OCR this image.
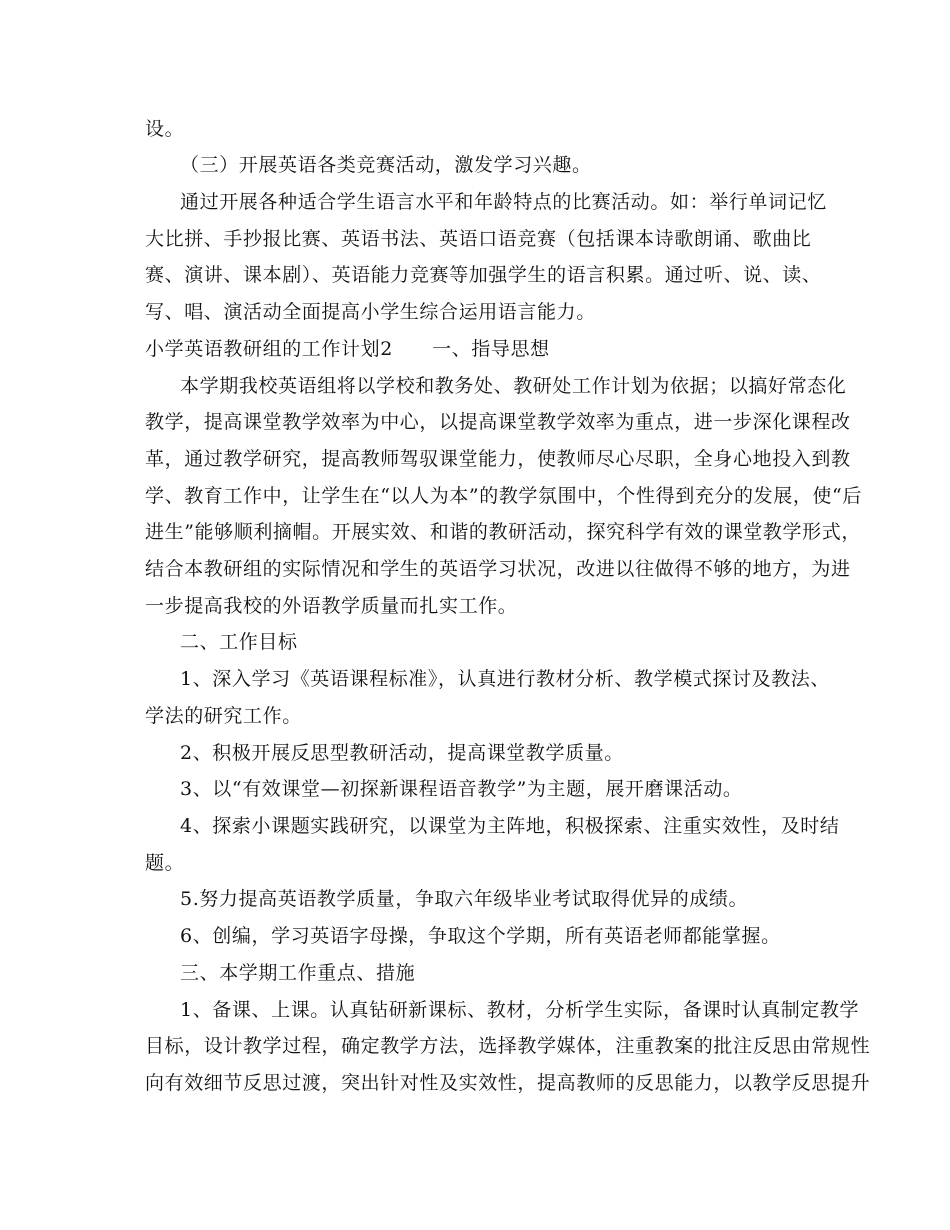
设。
（三）开展英语各类竞赛活动，激发学习兴趣。
通过开展各种适合学生语言水平和年龄特点的比赛活动。如：举行单词记忆
大比拼、手抄报比赛、英语书法、英语口语竞赛（包括课本诗歌朗诵、歌曲比
赛、演讲、课本剧）、英语能力竞赛等加强学生的语言积累。通过听、说、读、
写、唱、演活动全面提高小学生综合运用语言能力。
小学英语教研组的工作计划2　　一、指导思想
本学期我校英语组将以学校和教务处、教研处工作计划为依据；以搞好常态化
教学，提高课堂教学效率为中心，以提高课堂教学效率为重点，进一步深化课程改
革，通过教学研究，提高教师驾驭课堂能力，使教师尽心尽职，全身心地投入到教
学、教育工作中，让学生在“以人为本”的教学氛围中，个性得到充分的发展，使“后
进生”能够顺利摘帽。开展实效、和谐的教研活动，探究科学有效的课堂教学形式，
结合本教研组的实际情况和学生的英语学习状况，改进以往做得不够的地方，为进
一步提高我校的外语教学质量而扎实工作。
二、工作目标
1、深入学习《英语课程标准》，认真进行教材分析、教学模式探讨及教法、
学法的研究工作。
2、积极开展反思型教研活动，提高课堂教学质量。
3、以“有效课堂—初探新课程语音教学”为主题，展开磨课活动。
4、探索小课题实践研究，以课堂为主阵地，积极探索、注重实效性，及时结
题。
5.努力提高英语教学质量，争取六年级毕业考试取得优异的成绩。
6、创编，学习英语字母操，争取这个学期，所有英语老师都能掌握。
三、本学期工作重点、措施
1、备课、上课。认真钻研新课标、教材，分析学生实际，备课时认真制定教学
目标，设计教学过程，确定教学方法，选择教学媒体，注重教案的批注反思由常规性
向有效细节反思过渡，突出针对性及实效性，提高教师的反思能力，以教学反思提升
